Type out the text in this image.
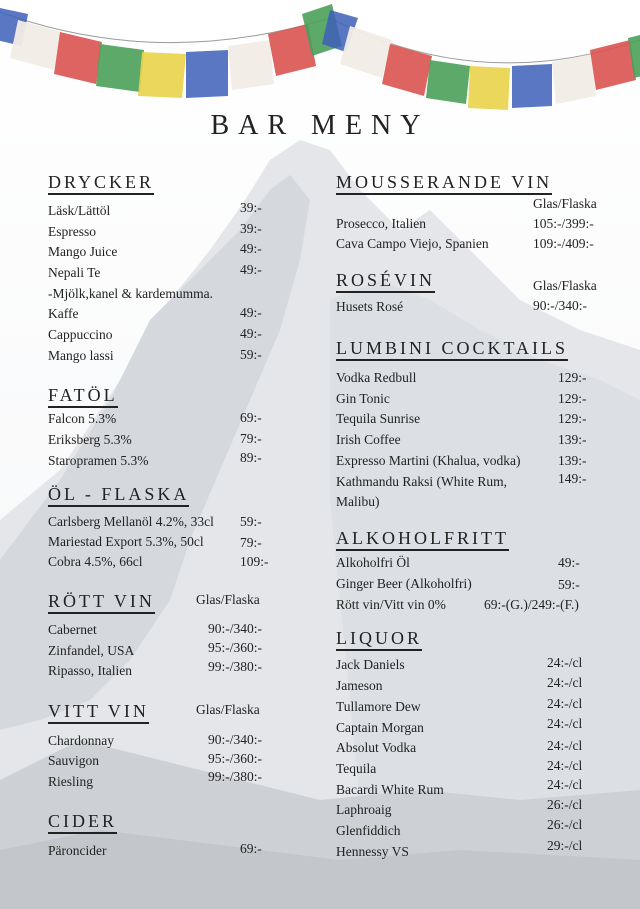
BAR MENY
DRYCKER
Läsk/Lättöl	39:-
Espresso	39:-
Mango Juice	49:-
Nepali Te	49:-
-Mjölk,kanel & kardemumma.
Kaffe	49:-
Cappuccino	49:-
Mango lassi	59:-
FATÖL
Falcon 5.3%	69:-
Eriksberg 5.3%	79:-
Staropramen 5.3%	89:-
ÖL - FLASKA
Carlsberg Mellanöl 4.2%, 33cl 59:-
Mariestad Export 5.3%, 50cl	79:-
Cobra 4.5%, 66cl	109:-
RÖTT VIN	Glas/Flaska
Cabernet	90:-/340:-
Zinfandel, USA	95:-/360:-
Ripasso, Italien	99:-/380:-
VITT VIN	Glas/Flaska
Chardonnay	90:-/340:-
Sauvigon	95:-/360:-
Riesling	99:-/380:-
CIDER
Päroncider	69:-
MOUSSERANDE VIN
Glas/Flaska
Prosecco, Italien	105:-/399:-
Cava Campo Viejo, Spanien	109:-/409:-
ROSÉVIN	Glas/Flaska
Husets Rosé	90:-/340:-
LUMBINI COCKTAILS
Vodka Redbull	129:-
Gin Tonic	129:-
Tequila Sunrise	129:-
Irish Coffee	139:-
Expresso Martini (Khalua, vodka)	139:-
Kathmandu Raksi (White Rum,	149:-
Malibu)
ALKOHOLFRITT
Alkoholfri Öl	49:-
Ginger Beer (Alkoholfri)	59:-
Rött vin/Vitt vin 0%	69:-(G.)/249:-(F.)
LIQUOR
Jack Daniels	24:-/cl
Jameson	24:-/cl
Tullamore Dew	24:-/cl
Captain Morgan	24:-/cl
Absolut Vodka	24:-/cl
Tequila	24:-/cl
Bacardi White Rum	24:-/cl
Laphroaig	26:-/cl
Glenfiddich	26:-/cl
Hennessy VS	29:-/cl
